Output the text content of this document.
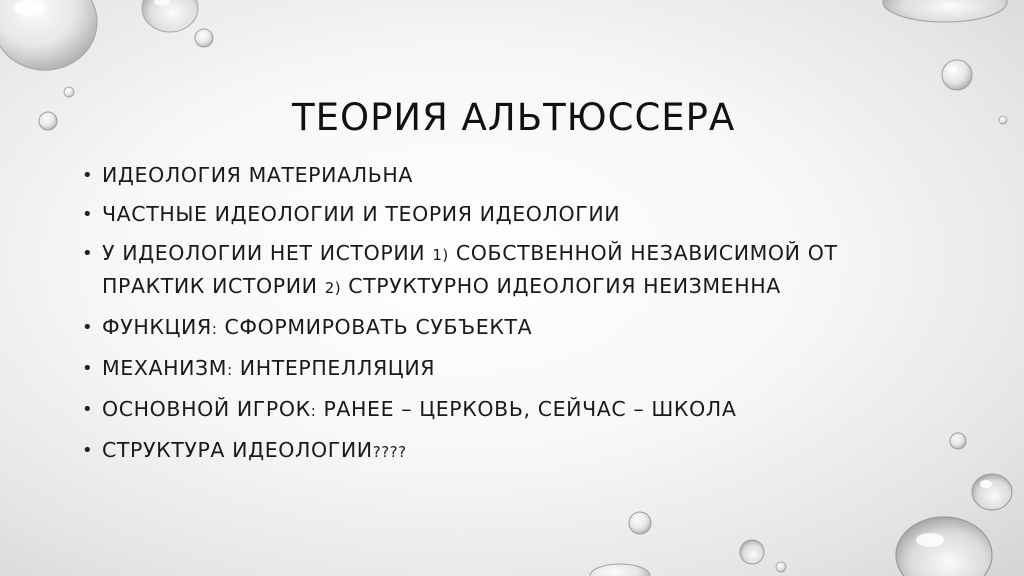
ТЕОРИЯ АЛЬТЮССЕРА
• ИДЕОЛОГИЯ МАТЕРИАЛЬНА
• ЧАСТНЫЕ ИДЕОЛОГИИ И ТЕОРИЯ ИДЕОЛОГИИ
• У ИДЕОЛОГИИ НЕТ ИСТОРИИ 1) СОБСТВЕННОЙ НЕЗАВИСИМОЙ ОТ
ПРАКТИК ИСТОРИИ 2) СТРУКТУРНО ИДЕОЛОГИЯ НЕИЗМЕННА
• ФУНКЦИЯ: СФОРМИРОВАТЬ СУБЪЕКТА
• МЕХАНИЗМ: ИНТЕРПЕЛЛЯЦИЯ
• ОСНОВНОЙ ИГРОК: РАНЕЕ – ЦЕРКОВЬ, СЕЙЧАС – ШКОЛА
• СТРУКТУРА ИДЕОЛОГИИ????
